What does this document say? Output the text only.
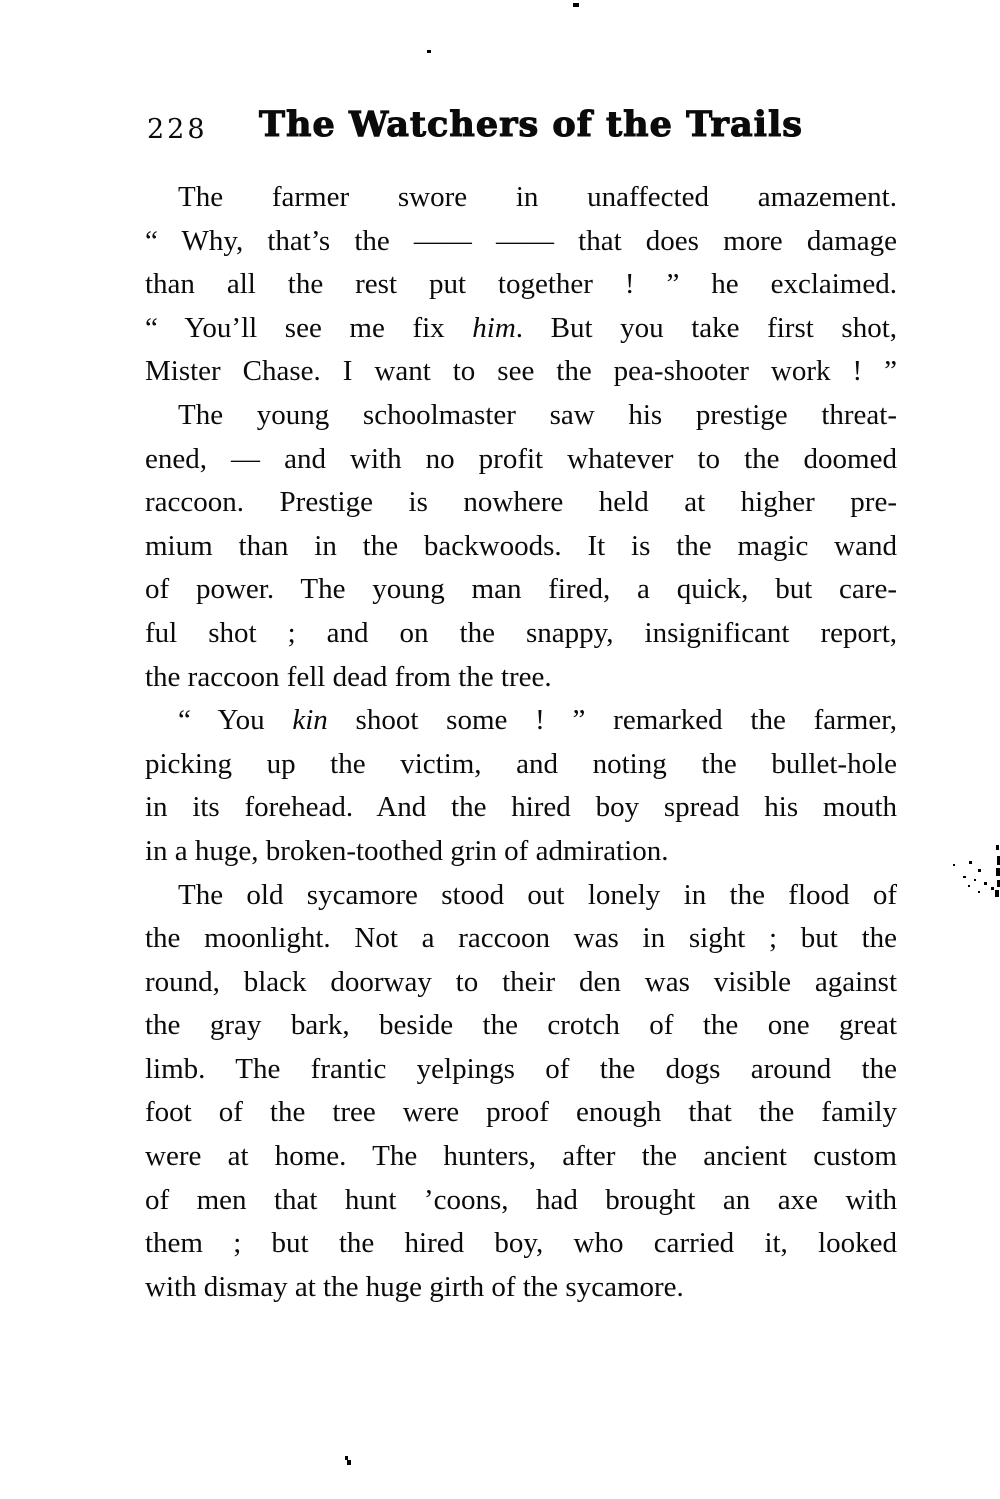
228	The Watchers of the Trails
The farmer swore in unaffected amazement.
“ Why, that’s the —— —— that does more damage
than all the rest put together ! ” he exclaimed.
“ You’ll see me fix him. But you take first shot,
Mister Chase. I want to see the pea-shooter work ! ”
The young schoolmaster saw his prestige threat-
ened, — and with no profit whatever to the doomed
raccoon. Prestige is nowhere held at higher pre-
mium than in the backwoods. It is the magic wand
of power. The young man fired, a quick, but care-
ful shot ; and on the snappy, insignificant report,
the raccoon fell dead from the tree.
“ You kin shoot some ! ” remarked the farmer,
picking up the victim, and noting the bullet-hole
in its forehead. And the hired boy spread his mouth
in a huge, broken-toothed grin of admiration.
The old sycamore stood out lonely in the flood of
the moonlight. Not a raccoon was in sight ; but the
round, black doorway to their den was visible against
the gray bark, beside the crotch of the one great
limb. The frantic yelpings of the dogs around the
foot of the tree were proof enough that the family
were at home. The hunters, after the ancient custom
of men that hunt ’coons, had brought an axe with
them ; but the hired boy, who carried it, looked
with dismay at the huge girth of the sycamore.
